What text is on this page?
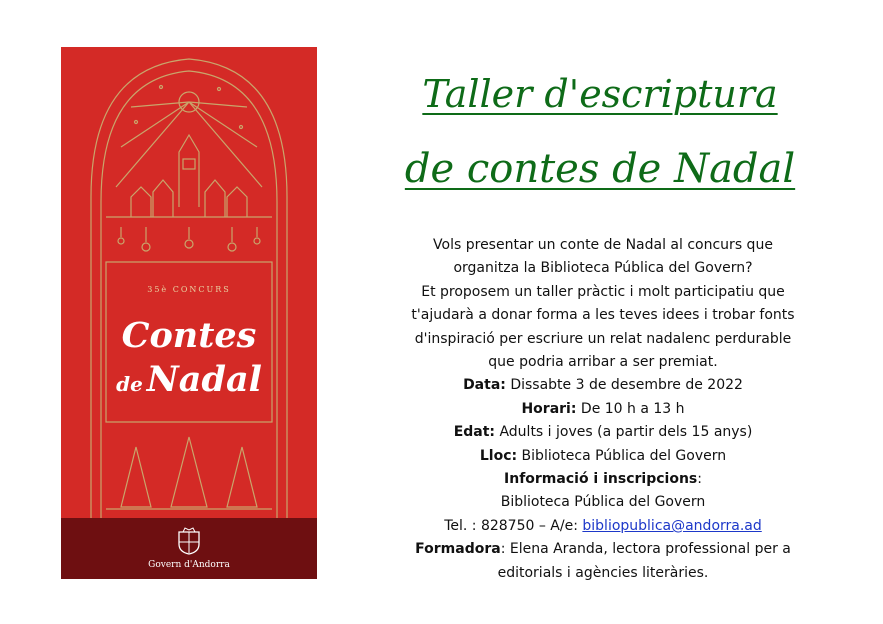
35è CONCURS
Contes
de Nadal
Govern d'Andorra
Taller d'escriptura
de contes de Nadal
Vols presentar un conte de Nadal al concurs que
organitza la Biblioteca Pública del Govern?
Et proposem un taller pràctic i molt participatiu que
t'ajudarà a donar forma a les teves idees i trobar fonts
d'inspiració per escriure un relat nadalenc perdurable
que podria arribar a ser premiat.
Data: Dissabte 3 de desembre de 2022
Horari: De 10 h a 13 h
Edat: Adults i joves (a partir dels 15 anys)
Lloc: Biblioteca Pública del Govern
Informació i inscripcions:
Biblioteca Pública del Govern
Tel. : 828750 – A/e: bibliopublica@andorra.ad
Formadora: Elena Aranda, lectora professional per a
editorials i agències literàries.
